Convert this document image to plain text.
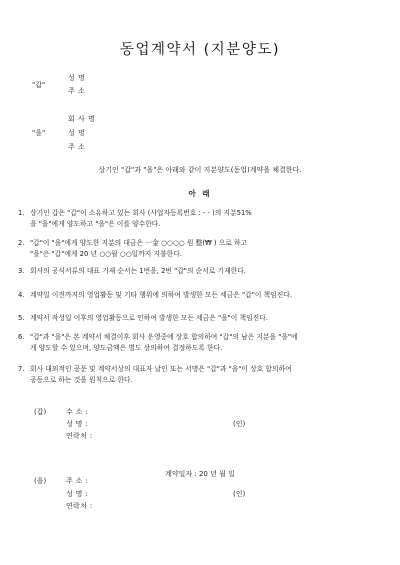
동업계약서 (지분양도)
"갑"
성 명
주 소
"을"
회 사 명
성 명
주 소
상기인 "갑"과 "을"은 아래와 같이 지분양도(동업)계약을 체결한다.
아 래
1. 상기인 갑은 "갑"이 소유하고 있는 회사 (사업자등록번호 : - - )의 지분51%
을 "을"에게 양도하고 "을"은 이를 양수한다.
2. "갑"이 "을"에게 양도한 지분의 대금은 一金 ○○○○ 원 整(₩ ) 으로 하고
"을"은 "갑"에게 20 년 ○○월 ○○일까지 지불한다.
3. 회사의 공식서류의 대표 기재 순서는 1번을, 2번 "갑"의 순서로 기재한다.
4. 계약일 이전까지의 영업활동 및 기타 행위에 의하여 발생한 모든 세금은 "갑"이 책임진다.
5. 계약서 작성일 이후의 영업활동으로 인하여 발생한 모든 세금은 "을"이 책임진다.
6. "갑"과 "을"은 본 계약서 체결이후 회사 운영중에 상호 합의하여 "갑"의 남은 지분을 "을"에
게 양도할 수 있으며, 양도금액은 별도 상의하여 결정하도록 한다.
7. 회사 대외적인 공문 및 계약서상의 대표자 날인 또는 서명은 "갑"과 "을"이 상호 합의하여
공동으로 하는 것을 원칙으로 한다.
계약일자 : 20 년 월 일
(갑)	수 소 :
성 명 :	(인)
연락처 :
(을)	주 소 :
성 명 :	(인)
연락처 :
